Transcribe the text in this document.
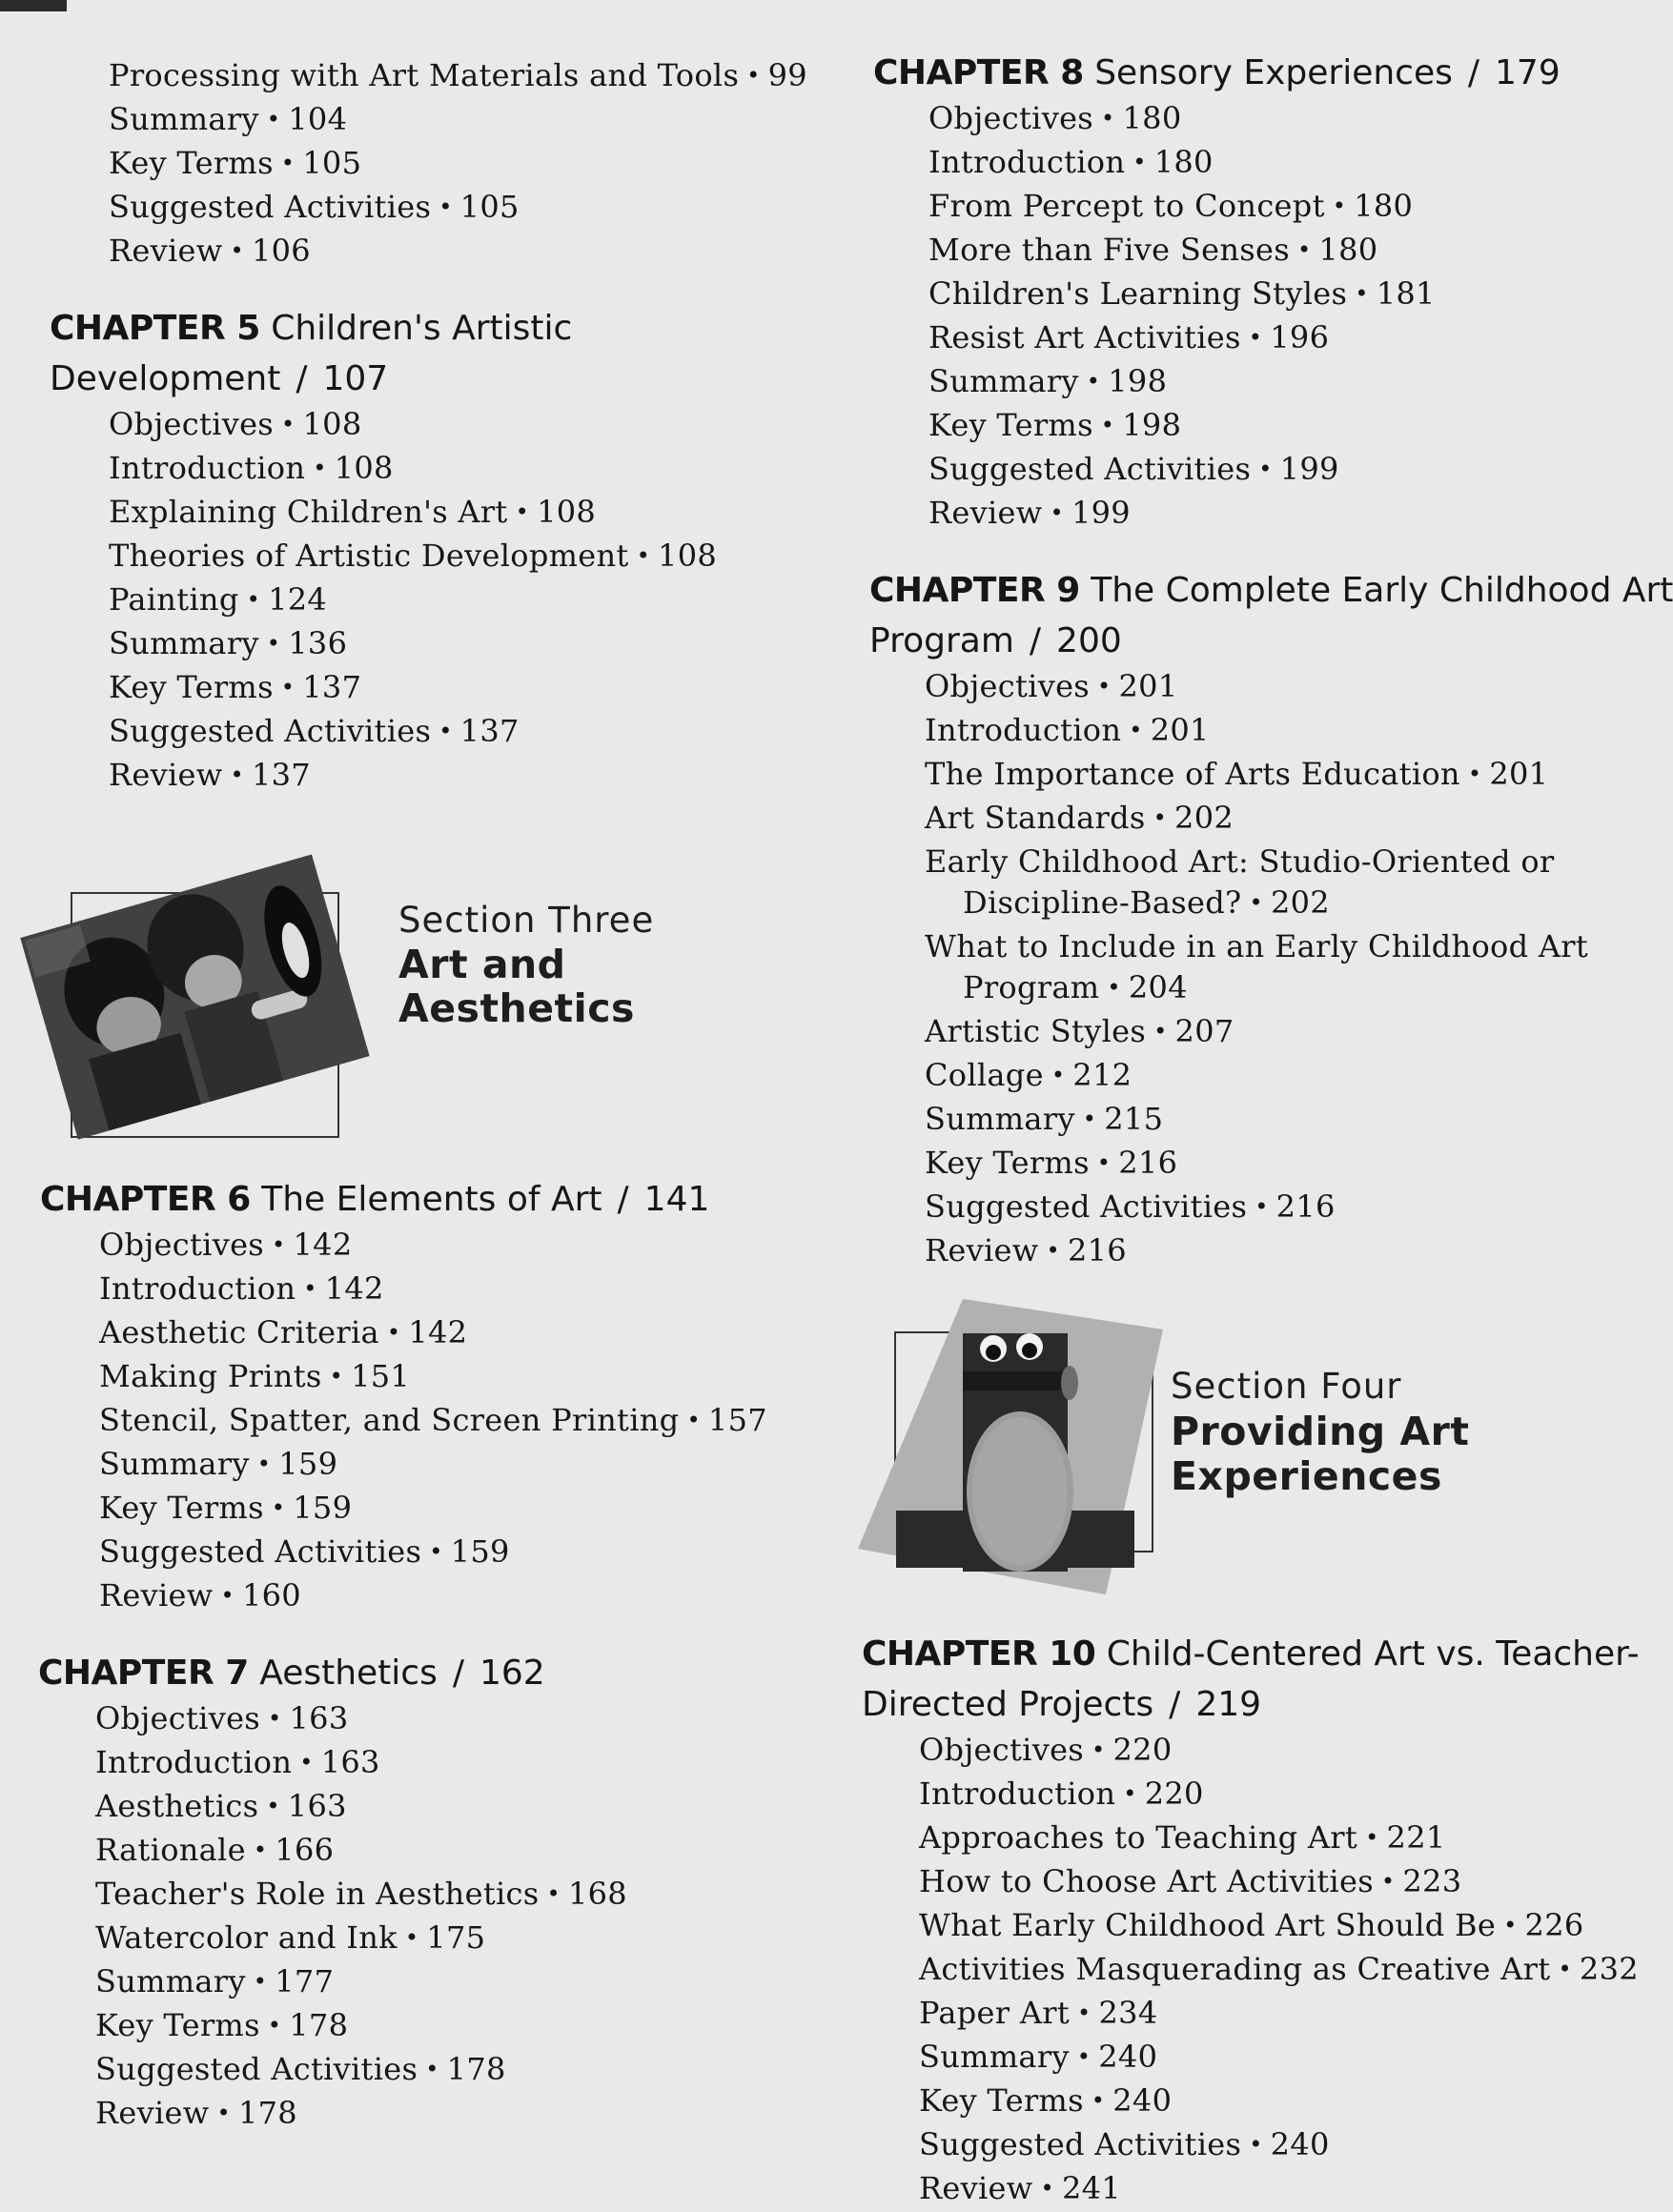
Processing with Art Materials and Tools • 99
Summary • 104
Key Terms • 105
Suggested Activities • 105
Review • 106
CHAPTER 5 Children's Artistic
Development / 107
Objectives • 108
Introduction • 108
Explaining Children's Art • 108
Theories of Artistic Development • 108
Painting • 124
Summary • 136
Key Terms • 137
Suggested Activities • 137
Review • 137
Section Three
Art and
Aesthetics
CHAPTER 6 The Elements of Art / 141
Objectives • 142
Introduction • 142
Aesthetic Criteria • 142
Making Prints • 151
Stencil, Spatter, and Screen Printing • 157
Summary • 159
Key Terms • 159
Suggested Activities • 159
Review • 160
CHAPTER 7 Aesthetics / 162
Objectives • 163
Introduction • 163
Aesthetics • 163
Rationale • 166
Teacher's Role in Aesthetics • 168
Watercolor and Ink • 175
Summary • 177
Key Terms • 178
Suggested Activities • 178
Review • 178
CHAPTER 8 Sensory Experiences / 179
Objectives • 180
Introduction • 180
From Percept to Concept • 180
More than Five Senses • 180
Children's Learning Styles • 181
Resist Art Activities • 196
Summary • 198
Key Terms • 198
Suggested Activities • 199
Review • 199
CHAPTER 9 The Complete Early Childhood Art
Program / 200
Objectives • 201
Introduction • 201
The Importance of Arts Education • 201
Art Standards • 202
Early Childhood Art: Studio-Oriented or
Discipline-Based? • 202
What to Include in an Early Childhood Art
Program • 204
Artistic Styles • 207
Collage • 212
Summary • 215
Key Terms • 216
Suggested Activities • 216
Review • 216
Section Four
Providing Art
Experiences
CHAPTER 10 Child-Centered Art vs. Teacher-
Directed Projects / 219
Objectives • 220
Introduction • 220
Approaches to Teaching Art • 221
How to Choose Art Activities • 223
What Early Childhood Art Should Be • 226
Activities Masquerading as Creative Art • 232
Paper Art • 234
Summary • 240
Key Terms • 240
Suggested Activities • 240
Review • 241
